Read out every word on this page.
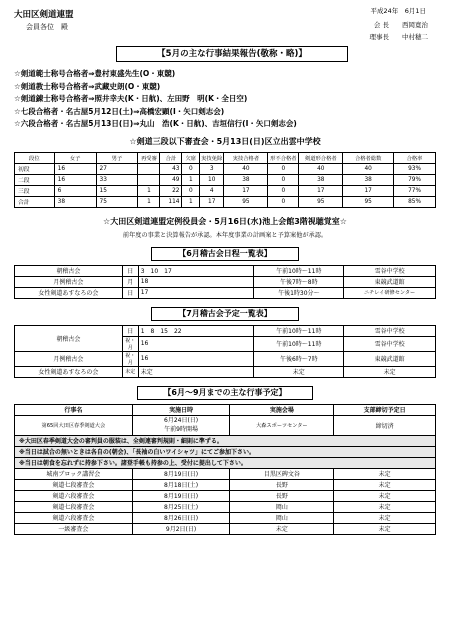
大田区剣道連盟
会員各位　殿
平成24年　6月1日
会 長　　西岡寛治
理事長　　中村穂二
【5月の主な行事結果報告(敬称・略)】
☆剣道範士称号合格者⇒豊村東盛先生(O・東競)
☆剣道教士称号合格者⇒武藏史朗(O・東競)
☆剣道錬士称号合格者⇒照井幸夫(K・日航)、左田野　明(K・全日空)
☆七段合格者・名古屋5月12日(土)⇒高橋宏顕(I・矢口剣志会)
☆六段合格者・名古屋5月13日(日)⇒丸山　浩(K・日航)、吉垣信行(I・矢口剣志会)
☆剣道三段以下審査会・5月13日(日)区立出雲中学校
段位	女子	男子	再受審	合計	欠席	実技免除	実技合格者	形不合格者	剣道形合格者	合格者総数	合格率
初段	16	27		43	0	3	40	0	40	40	93%
二段	16	33		49	1	10	38	0	38	38	79%
三段	6	15	1	22	0	4	17	0	17	17	77%
合計	38	75	1	114	1	17	95	0	95	95	85%
☆大田区剣道連盟定例役員会・5月16日(水)池上会館3階視聴覚室☆
前年度の事業と決算報告が承認。本年度事業の計画案と予算案他が承認。
【6月稽古会日程一覧表】
朝稽古会	日	3　10　17	午前10時～11時	雪谷中学校
月例稽古会	月	18	午後7時～8時	東競武道館
女性剣道あすなろの会	日	17	午後1時30分～	ニチレイ研修センター
【7月稽古会予定一覧表】
朝稽古会	日	1　8　15　22	午前10時～11時	雪谷中学校
	祝・月	16	午前10時～11時	雪谷中学校
月例稽古会	祝・月	16	午後6時～7時	東競武道館
女性剣道あすなろの会	未定	未定	未定	未定
【6月～9月までの主な行事予定】
行事名	実施日時	実施会場	支部締切予定日
第65回大田区春季剣道大会	6月24日(日)
午前9時開場	大森スポーツセンター	締切済
※大田区春季剣道大会の審判員の服装は、全剣連審判規則・細則に準ずる。			
※当日は試合の無いときは各自の(朝会)、「長袖の白いワイシャツ」にてご参加下さい。			
※当日は朝食を忘れずに持参下さい。諸登手帳も持参の上、受付に提出して下さい。			
城南ブロック講習会	8月19日(日)	目黒区碑文谷	未定
剣道七段審査会	8月18日(土)	長野	未定
剣道六段審査会	8月19日(日)	長野	未定
剣道七段審査会	8月25日(土)	岡山	未定
剣道六段審査会	8月26日(日)	岡山	未定
一級審査会	9月2日(日)	未定	未定
